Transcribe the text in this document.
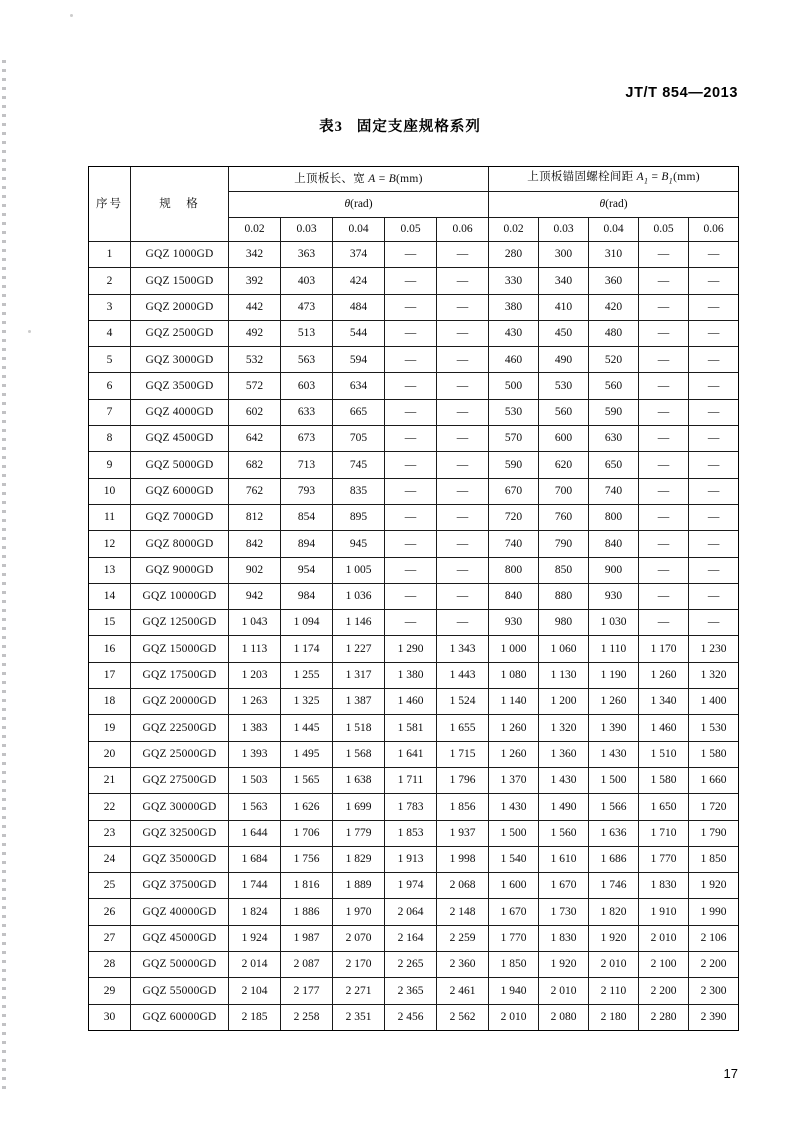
JT/T 854—2013
表3 固定支座规格系列
序号	规　格	上顶板长、宽 A = B(mm)					上顶板锚固螺栓间距 $A_1 = B_1(mm)$				
		θ(rad)					θ(rad)				
		0.02	0.03	0.04	0.05	0.06	0.02	0.03	0.04	0.05	0.06
1	GQZ 1000GD	342	363	374	—	—	280	300	310	—	—
2	GQZ 1500GD	392	403	424	—	—	330	340	360	—	—
3	GQZ 2000GD	442	473	484	—	—	380	410	420	—	—
4	GQZ 2500GD	492	513	544	—	—	430	450	480	—	—
5	GQZ 3000GD	532	563	594	—	—	460	490	520	—	—
6	GQZ 3500GD	572	603	634	—	—	500	530	560	—	—
7	GQZ 4000GD	602	633	665	—	—	530	560	590	—	—
8	GQZ 4500GD	642	673	705	—	—	570	600	630	—	—
9	GQZ 5000GD	682	713	745	—	—	590	620	650	—	—
10	GQZ 6000GD	762	793	835	—	—	670	700	740	—	—
11	GQZ 7000GD	812	854	895	—	—	720	760	800	—	—
12	GQZ 8000GD	842	894	945	—	—	740	790	840	—	—
13	GQZ 9000GD	902	954	1 005	—	—	800	850	900	—	—
14	GQZ 10000GD	942	984	1 036	—	—	840	880	930	—	—
15	GQZ 12500GD	1 043	1 094	1 146	—	—	930	980	1 030	—	—
16	GQZ 15000GD	1 113	1 174	1 227	1 290	1 343	1 000	1 060	1 110	1 170	1 230
17	GQZ 17500GD	1 203	1 255	1 317	1 380	1 443	1 080	1 130	1 190	1 260	1 320
18	GQZ 20000GD	1 263	1 325	1 387	1 460	1 524	1 140	1 200	1 260	1 340	1 400
19	GQZ 22500GD	1 383	1 445	1 518	1 581	1 655	1 260	1 320	1 390	1 460	1 530
20	GQZ 25000GD	1 393	1 495	1 568	1 641	1 715	1 260	1 360	1 430	1 510	1 580
21	GQZ 27500GD	1 503	1 565	1 638	1 711	1 796	1 370	1 430	1 500	1 580	1 660
22	GQZ 30000GD	1 563	1 626	1 699	1 783	1 856	1 430	1 490	1 566	1 650	1 720
23	GQZ 32500GD	1 644	1 706	1 779	1 853	1 937	1 500	1 560	1 636	1 710	1 790
24	GQZ 35000GD	1 684	1 756	1 829	1 913	1 998	1 540	1 610	1 686	1 770	1 850
25	GQZ 37500GD	1 744	1 816	1 889	1 974	2 068	1 600	1 670	1 746	1 830	1 920
26	GQZ 40000GD	1 824	1 886	1 970	2 064	2 148	1 670	1 730	1 820	1 910	1 990
27	GQZ 45000GD	1 924	1 987	2 070	2 164	2 259	1 770	1 830	1 920	2 010	2 106
28	GQZ 50000GD	2 014	2 087	2 170	2 265	2 360	1 850	1 920	2 010	2 100	2 200
29	GQZ 55000GD	2 104	2 177	2 271	2 365	2 461	1 940	2 010	2 110	2 200	2 300
30	GQZ 60000GD	2 185	2 258	2 351	2 456	2 562	2 010	2 080	2 180	2 280	2 390
17
